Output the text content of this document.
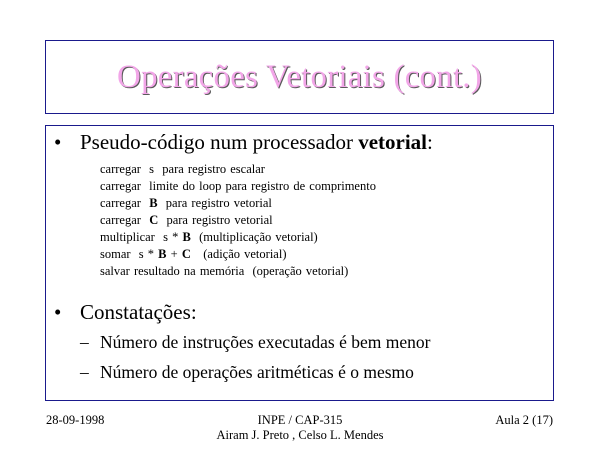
Operações Vetoriais (cont.)
• Pseudo-código num processador vetorial:
carregar  s  para registro escalar
carregar  limite do loop para registro de comprimento
carregar  B  para registro vetorial
carregar  C  para registro vetorial
multiplicar  s * B  (multiplicação vetorial)
somar  s * B + C   (adição vetorial)
salvar resultado na memória  (operação vetorial)
• Constatações:
– Número de instruções executadas é bem menor
– Número de operações aritméticas é o mesmo
28-09-1998	INPE / CAP-315
Airam J. Preto , Celso L. Mendes
Aula 2 (17)
